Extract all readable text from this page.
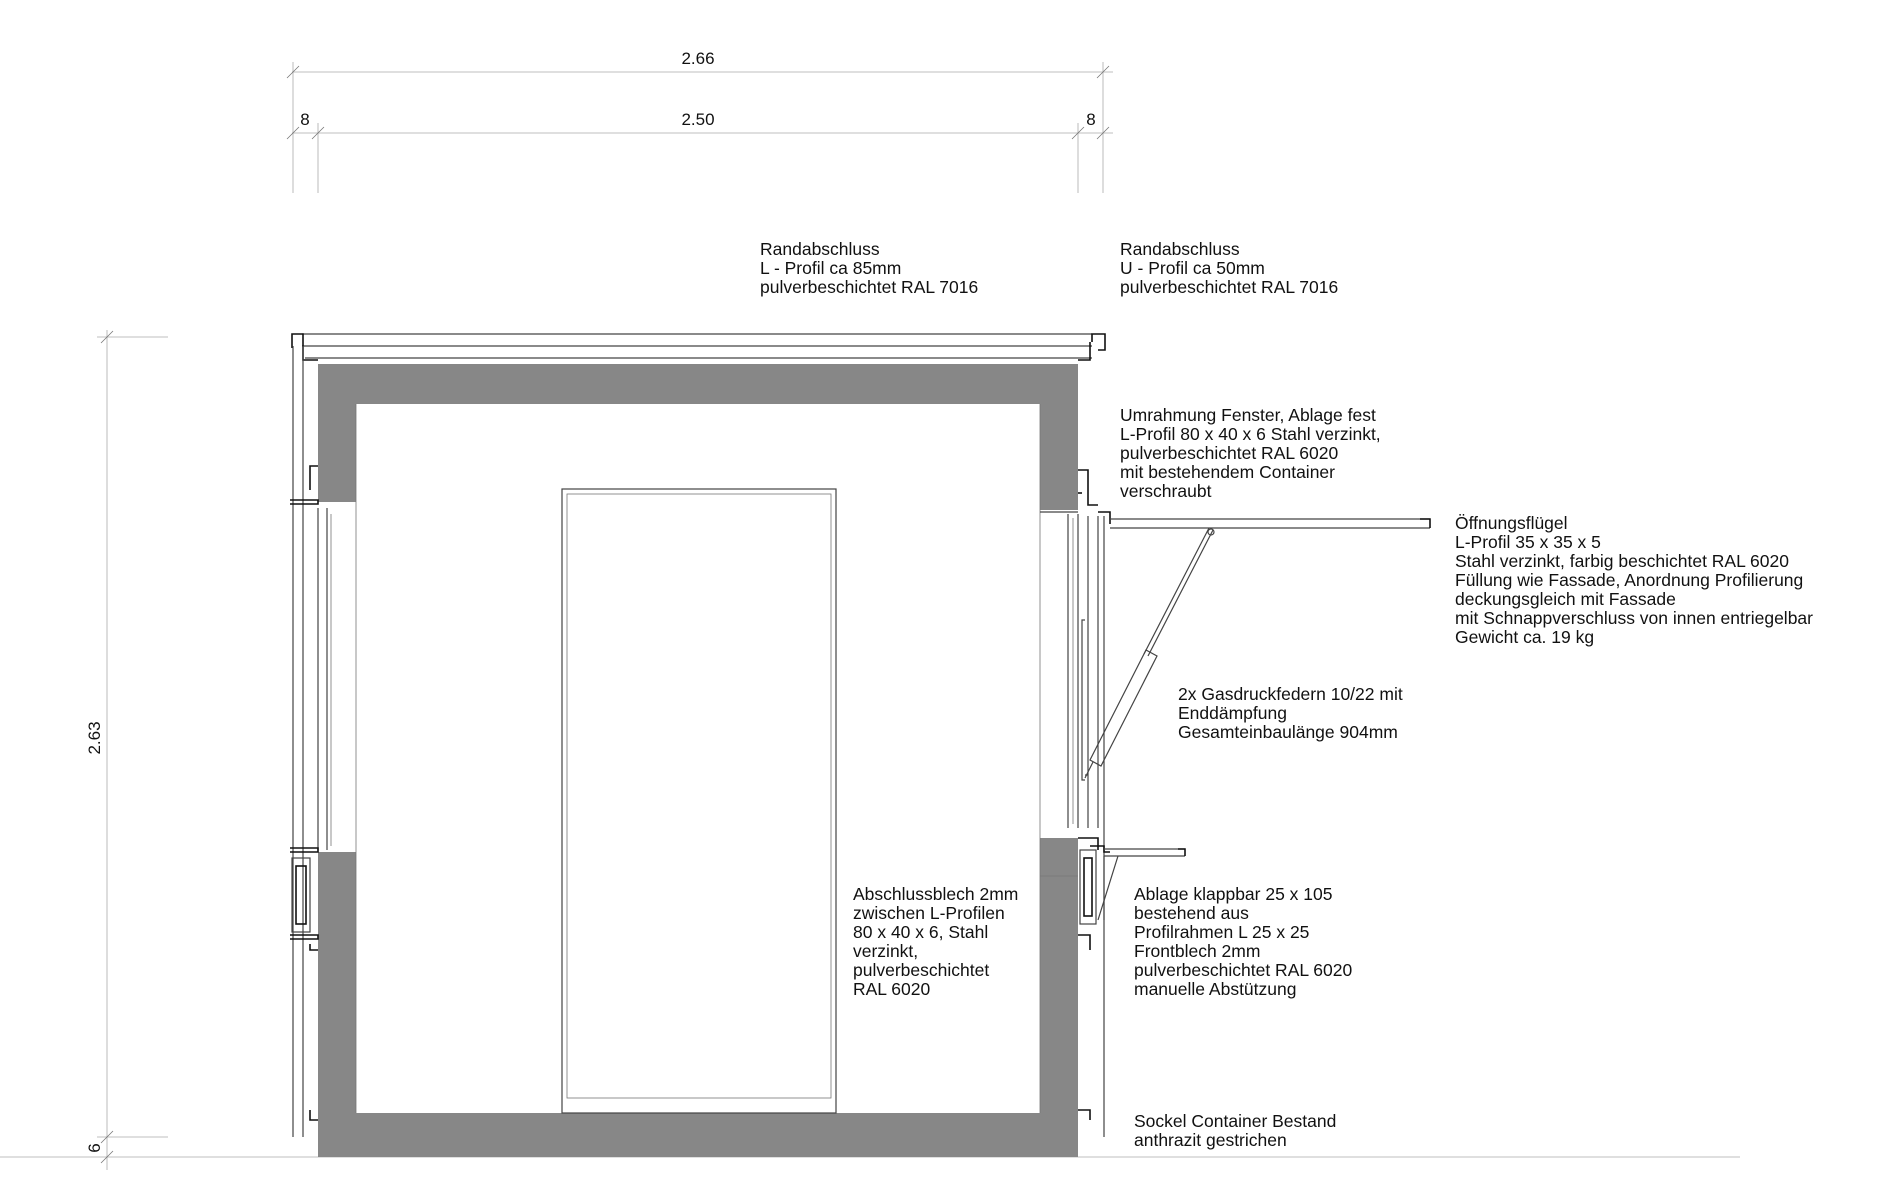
2.66
2.50
8	8
2.63
6
Randabschluss
L - Profil ca 85mm
pulverbeschichtet RAL 7016
Randabschluss
U - Profil ca 50mm
pulverbeschichtet RAL 7016
Umrahmung Fenster, Ablage fest
L-Profil 80 x 40 x 6 Stahl verzinkt,
pulverbeschichtet RAL 6020
mit bestehendem Container
verschraubt
Öffnungsflügel
L-Profil 35 x 35 x 5
Stahl verzinkt, farbig beschichtet RAL 6020
Füllung wie Fassade, Anordnung Profilierung
deckungsgleich mit Fassade
mit Schnappverschluss von innen entriegelbar
Gewicht ca. 19 kg
2x Gasdruckfedern 10/22 mit
Enddämpfung
Gesamteinbaulänge 904mm
Abschlussblech 2mm
zwischen L-Profilen
80 x 40 x 6, Stahl
verzinkt,
pulverbeschichtet
RAL 6020
Ablage klappbar 25 x 105
bestehend aus
Profilrahmen L 25 x 25
Frontblech 2mm
pulverbeschichtet RAL 6020
manuelle Abstützung
Sockel Container Bestand
anthrazit gestrichen
